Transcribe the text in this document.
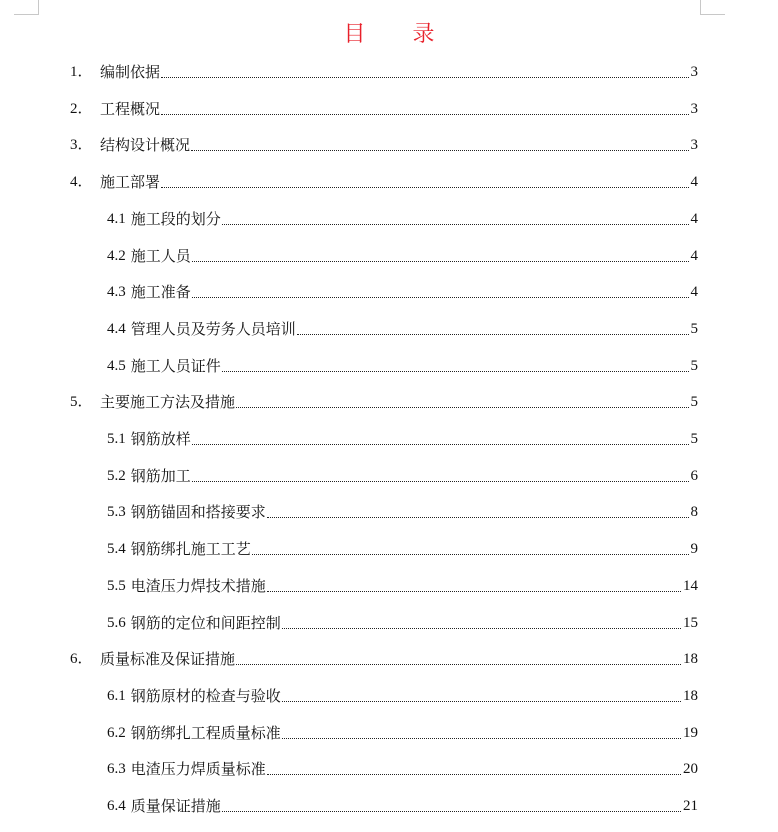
目 录
1． 编制依据	3
2． 工程概况	3
3． 结构设计概况	3
4． 施工部署	4
4.1 施工段的划分	4
4.2 施工人员	4
4.3 施工准备	4
4.4 管理人员及劳务人员培训	5
4.5 施工人员证件	5
5． 主要施工方法及措施	5
5.1 钢筋放样	5
5.2 钢筋加工	6
5.3 钢筋锚固和搭接要求	8
5.4 钢筋绑扎施工工艺	9
5.5 电渣压力焊技术措施	14
5.6 钢筋的定位和间距控制	15
6． 质量标准及保证措施	18
6.1 钢筋原材的检查与验收	18
6.2 钢筋绑扎工程质量标准	19
6.3 电渣压力焊质量标准	20
6.4 质量保证措施	21
